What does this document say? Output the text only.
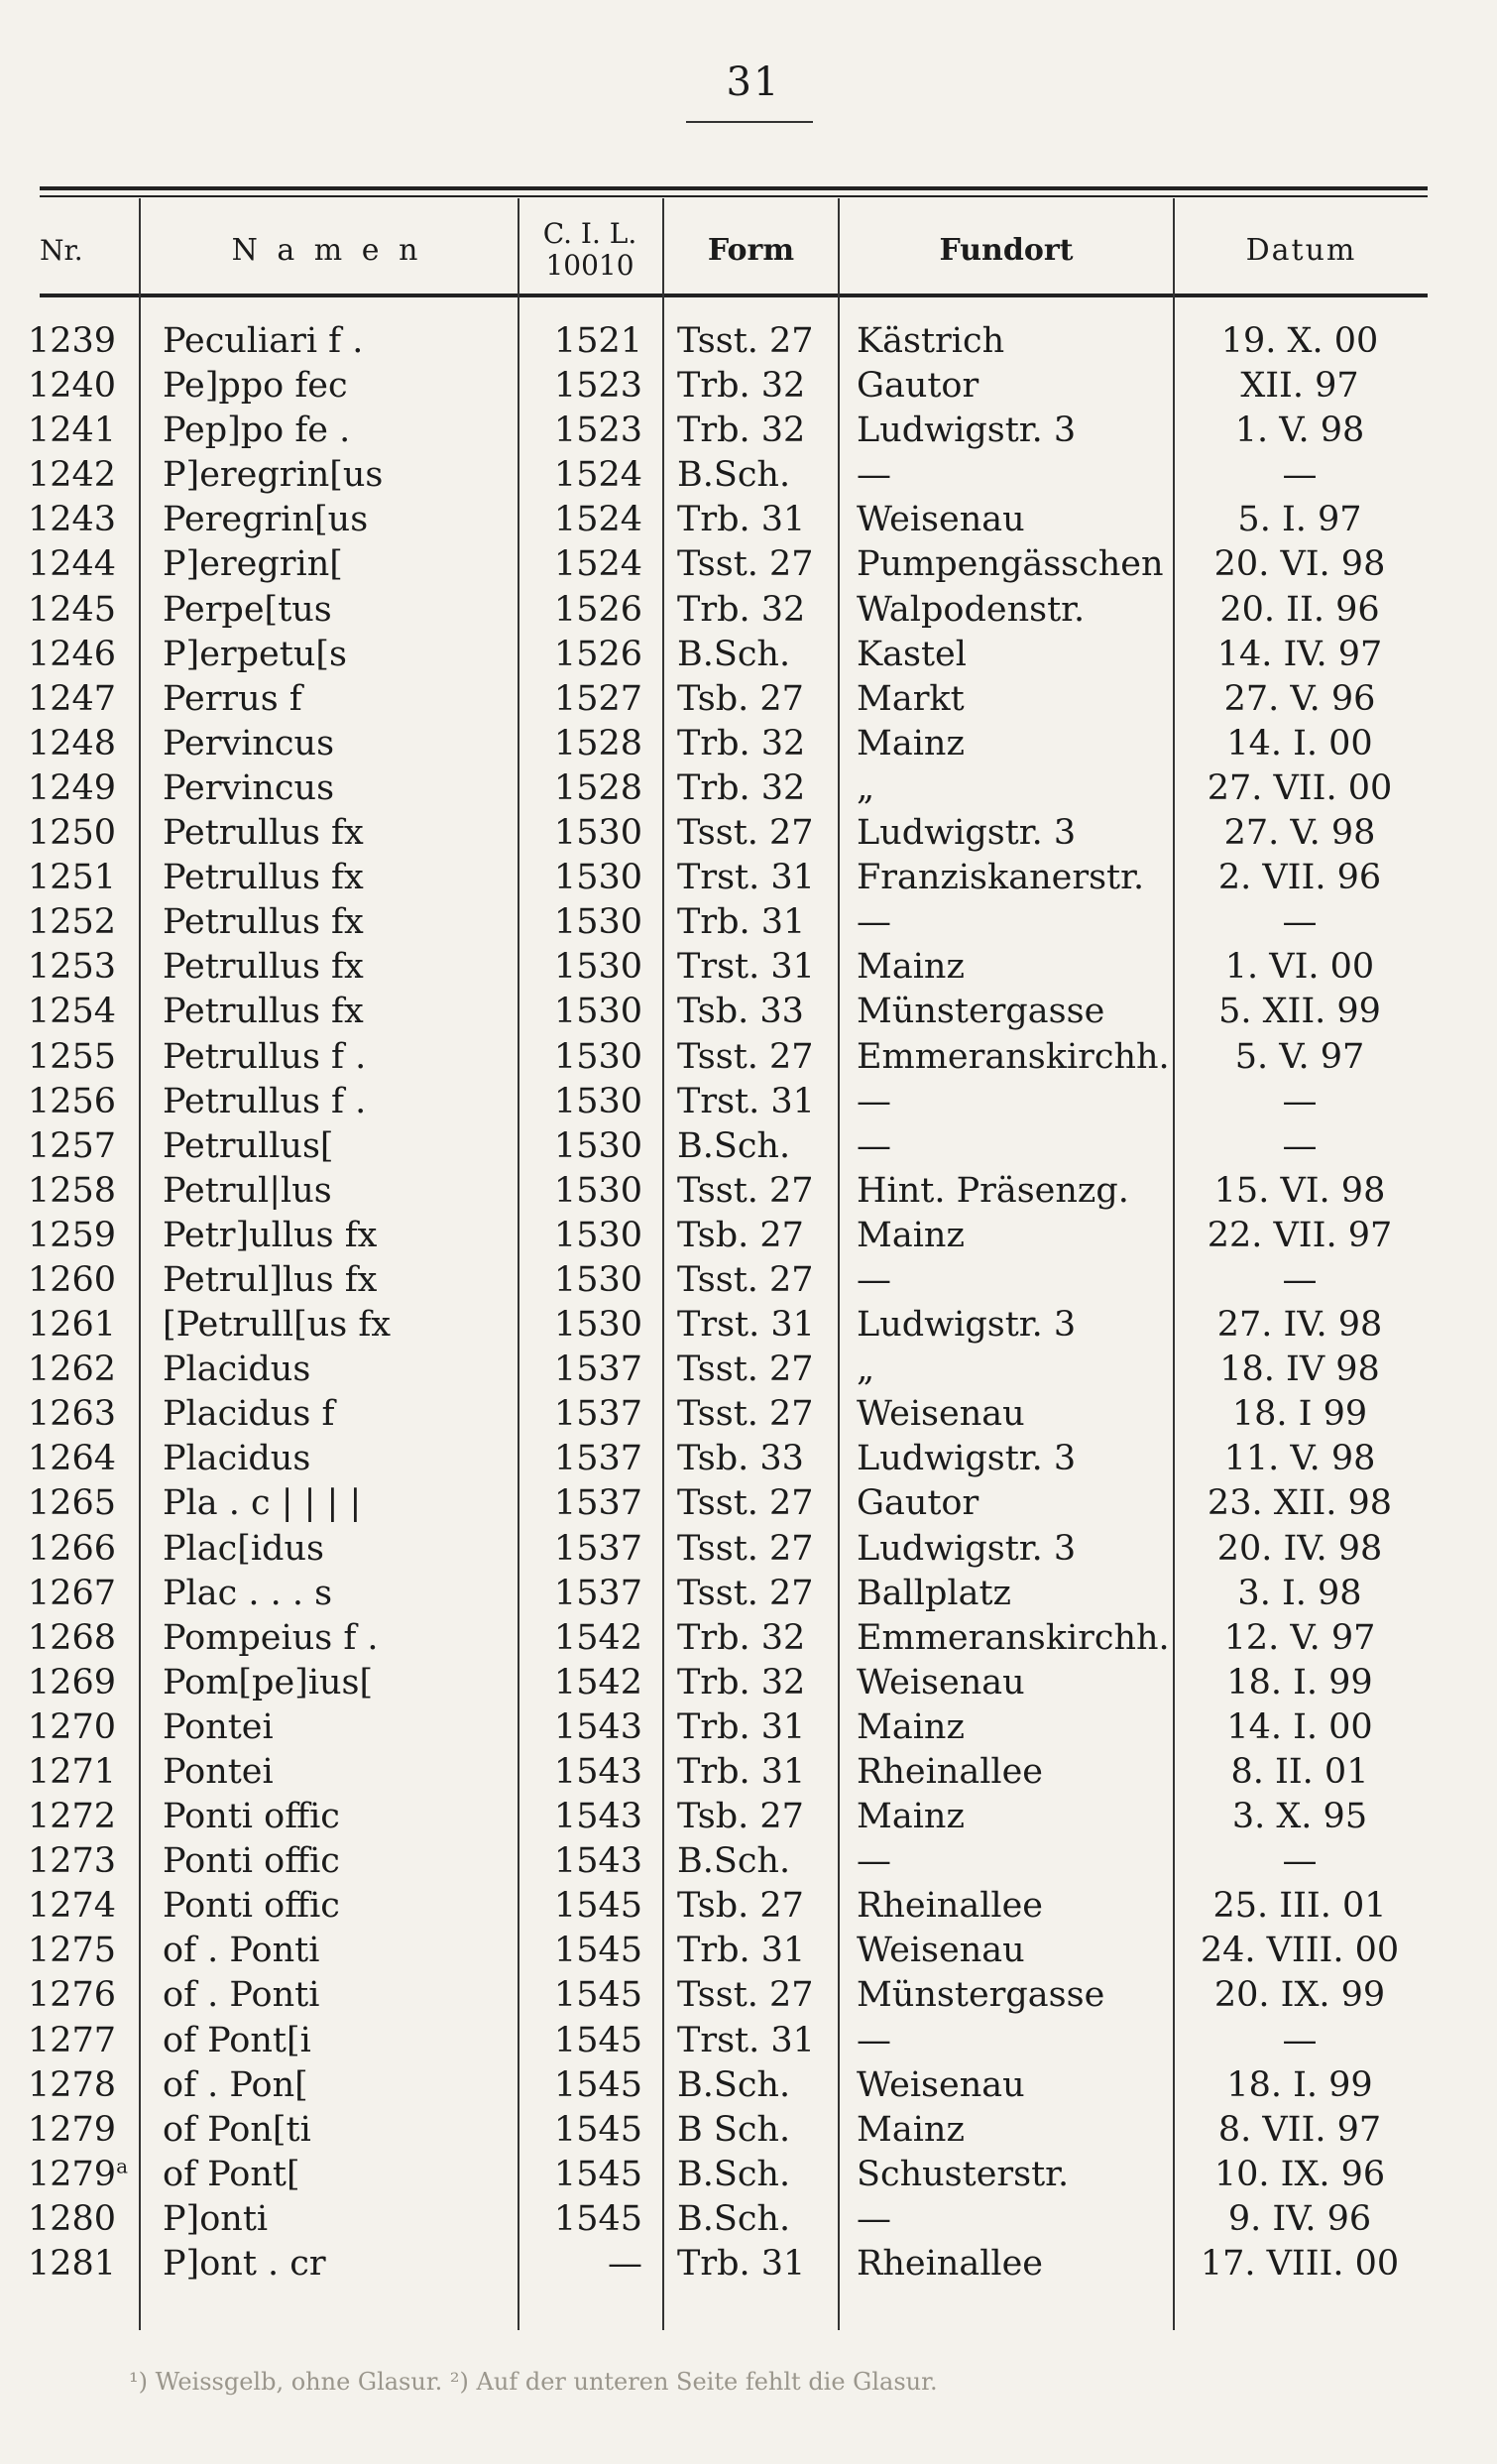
31
Nr.	N a m e n	C. I. L.
10010	Form	Fundort	Datum
1239	Peculiari f .	1521 Tsst. 27	Kästrich	19. X. 00
1240	Pe]ppo fec	1523 Trb. 32	Gautor	XII. 97
1241	Pep]po fe .	1523 Trb. 32	Ludwigstr. 3	1. V. 98
1242	P]eregrin[us	1524 B.Sch.	—	—
1243	Peregrin[us	1524 Trb. 31	Weisenau	5. I. 97
1244	P]eregrin[	1524 Tsst. 27	Pumpengässchen	20. VI. 98
1245	Perpe[tus	1526 Trb. 32	Walpodenstr.	20. II. 96
1246	P]erpetu[s	1526 B.Sch.	Kastel	14. IV. 97
1247	Perrus f	1527 Tsb. 27	Markt	27. V. 96
1248	Pervincus	1528 Trb. 32	Mainz	14. I. 00
1249	Pervincus	1528 Trb. 32	„	27. VII. 00
1250	Petrullus fx	1530 Tsst. 27	Ludwigstr. 3	27. V. 98
1251	Petrullus fx	1530 Trst. 31	Franziskanerstr.	2. VII. 96
1252	Petrullus fx	1530 Trb. 31	—	—
1253	Petrullus fx	1530 Trst. 31	Mainz	1. VI. 00
1254	Petrullus fx	1530 Tsb. 33	Münstergasse	5. XII. 99
1255	Petrullus f .	1530 Tsst. 27	Emmeranskirchh.	5. V. 97
1256	Petrullus f .	1530 Trst. 31	—	—
1257	Petrullus[	1530 B.Sch.	—	—
1258	Petrul|lus	1530 Tsst. 27	Hint. Präsenzg.	15. VI. 98
1259	Petr]ullus fx	1530 Tsb. 27	Mainz	22. VII. 97
1260	Petrul]lus fx	1530 Tsst. 27	—	—
1261	[Petrull[us fx	1530 Trst. 31	Ludwigstr. 3	27. IV. 98
1262	Placidus	1537 Tsst. 27	„	18. IV 98
1263	Placidus f	1537 Tsst. 27	Weisenau	18. I 99
1264	Placidus	1537 Tsb. 33	Ludwigstr. 3	11. V. 98
1265	Pla . c | | | |	1537 Tsst. 27	Gautor	23. XII. 98
1266	Plac[idus	1537 Tsst. 27	Ludwigstr. 3	20. IV. 98
1267	Plac . . . s	1537 Tsst. 27	Ballplatz	3. I. 98
1268	Pompeius f .	1542 Trb. 32	Emmeranskirchh.	12. V. 97
1269	Pom[pe]ius[	1542 Trb. 32	Weisenau	18. I. 99
1270	Pontei	1543 Trb. 31	Mainz	14. I. 00
1271	Pontei	1543 Trb. 31	Rheinallee	8. II. 01
1272	Ponti offic	1543 Tsb. 27	Mainz	3. X. 95
1273	Ponti offic	1543 B.Sch.	—	—
1274	Ponti offic	1545 Tsb. 27	Rheinallee	25. III. 01
1275	of . Ponti	1545 Trb. 31	Weisenau	24. VIII. 00
1276	of . Ponti	1545 Tsst. 27	Münstergasse	20. IX. 99
1277	of Pont[i	1545 Trst. 31	—	—
1278	of . Pon[	1545 B.Sch.	Weisenau	18. I. 99
1279	of Pon[ti	1545 B Sch.	Mainz	8. VII. 97
1279$^a$ of Pont[	1545 B.Sch.	Schusterstr.	10. IX. 96
1280	P]onti	1545 B.Sch.	—	9. IV. 96
1281	P]ont . cr	— Trb. 31	Rheinallee	17. VIII. 00
¹) Weissgelb, ohne Glasur. ²) Auf der unteren Seite fehlt die Glasur.
